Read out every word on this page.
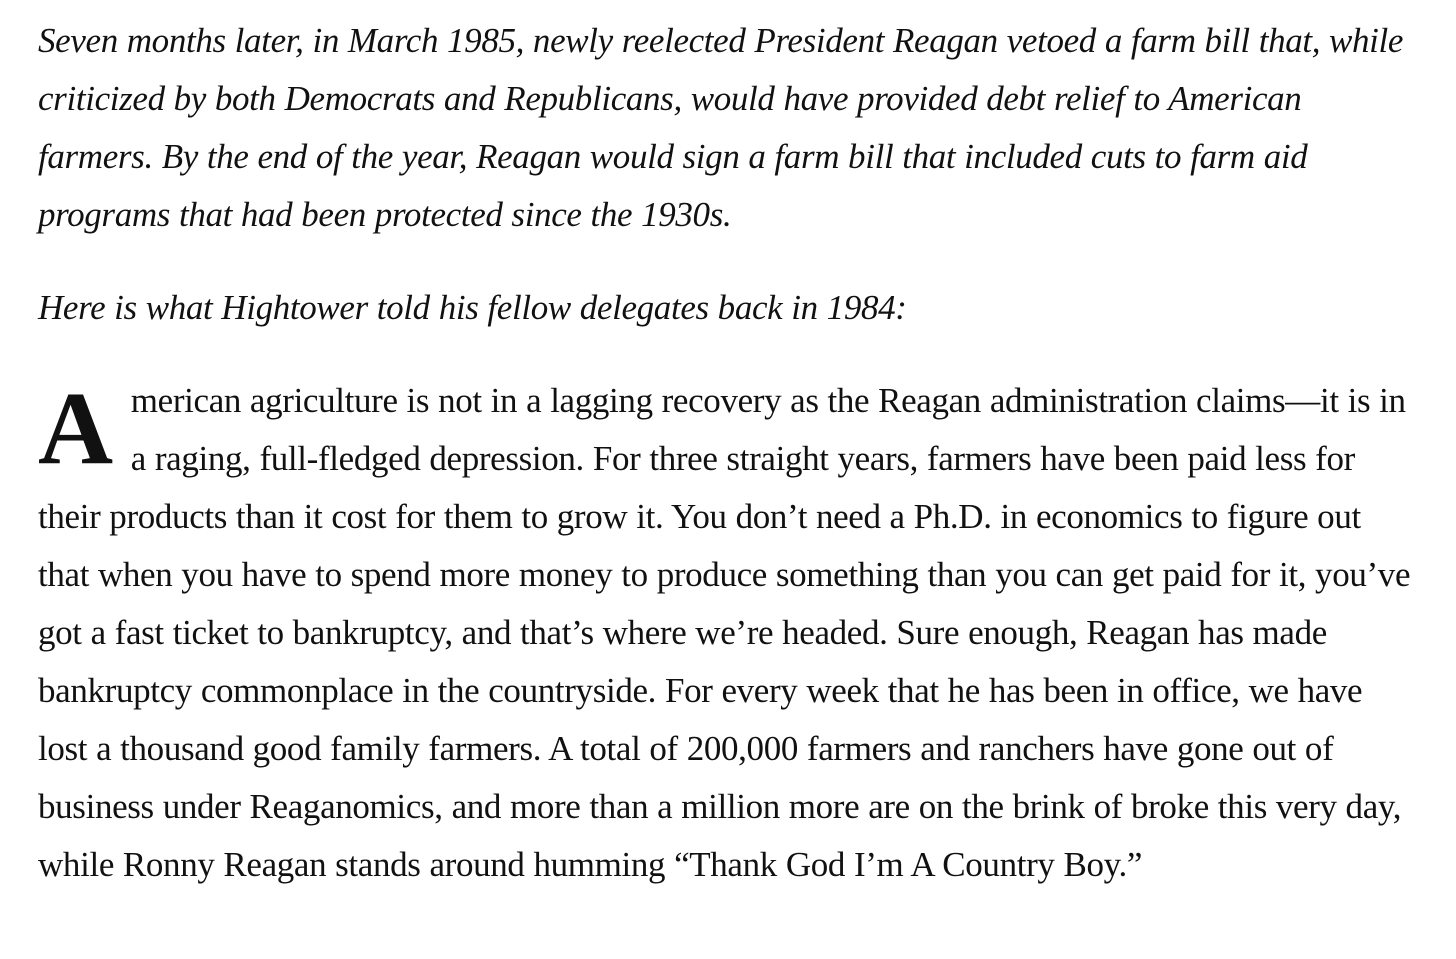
Seven months later, in March 1985, newly reelected President Reagan vetoed a farm bill that, while criticized by both Democrats and Republicans, would have provided debt relief to American farmers. By the end of the year, Reagan would sign a farm bill that included cuts to farm aid programs that had been protected since the 1930s.

Here is what Hightower told his fellow delegates back in 1984:

A merican agriculture is not in a lagging recovery as the Reagan administration claims—it is in a raging, full-fledged depression. For three straight years, farmers have been paid less for their products than it cost for them to grow it. You don’t need a Ph.D. in economics to figure out that when you have to spend more money to produce something than you can get paid for it, you’ve got a fast ticket to bankruptcy, and that’s where we’re headed. Sure enough, Reagan has made bankruptcy commonplace in the countryside. For every week that he has been in office, we have lost a thousand good family farmers. A total of 200,000 farmers and ranchers have gone out of business under Reaganomics, and more than a million more are on the brink of broke this very day, while Ronny Reagan stands around humming “Thank God I’m A Country Boy.”
